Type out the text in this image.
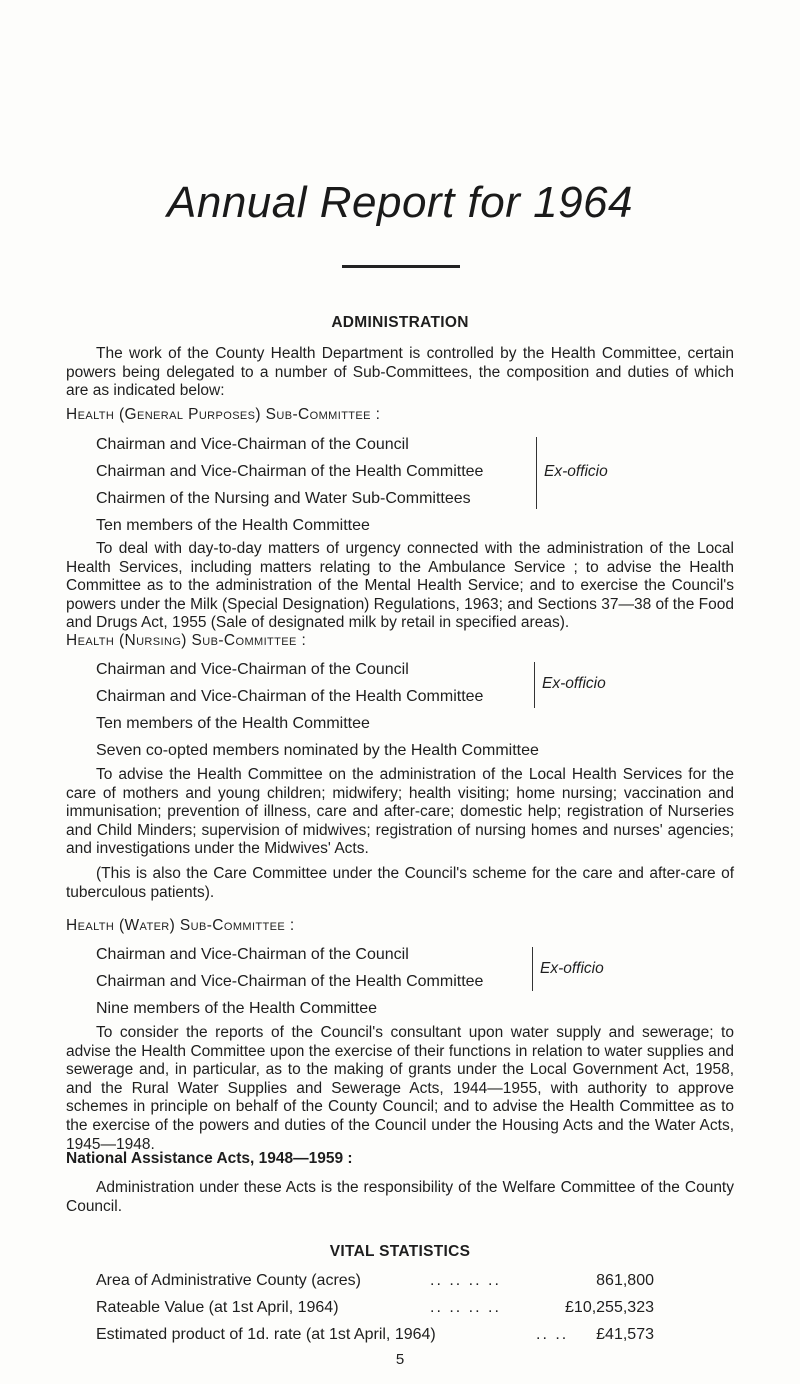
Annual Report for 1964
ADMINISTRATION
The work of the County Health Department is controlled by the Health Committee, certain powers being delegated to a number of Sub-Committees, the composition and duties of which are as indicated below:
Health (General Purposes) Sub-Committee :
Chairman and Vice-Chairman of the Council
Chairman and Vice-Chairman of the Health Committee
Chairmen of the Nursing and Water Sub-Committees
Ten members of the Health Committee
Ex-officio
To deal with day-to-day matters of urgency connected with the administration of the Local Health Services, including matters relating to the Ambulance Service ; to advise the Health Committee as to the administration of the Mental Health Service; and to exercise the Council's powers under the Milk (Special Designation) Regulations, 1963; and Sections 37—38 of the Food and Drugs Act, 1955 (Sale of designated milk by retail in specified areas).
Health (Nursing) Sub-Committee :
Chairman and Vice-Chairman of the Council
Chairman and Vice-Chairman of the Health Committee
Ten members of the Health Committee
Seven co-opted members nominated by the Health Committee
Ex-officio
To advise the Health Committee on the administration of the Local Health Services for the care of mothers and young children; midwifery; health visiting; home nursing; vaccination and immunisation; prevention of illness, care and after-care; domestic help; registration of Nurseries and Child Minders; supervision of midwives; registration of nursing homes and nurses' agencies; and investigations under the Midwives' Acts.
(This is also the Care Committee under the Council's scheme for the care and after-care of tuberculous patients).
Health (Water) Sub-Committee :
Chairman and Vice-Chairman of the Council
Chairman and Vice-Chairman of the Health Committee
Nine members of the Health Committee
Ex-officio
To consider the reports of the Council's consultant upon water supply and sewerage; to advise the Health Committee upon the exercise of their functions in relation to water supplies and sewerage and, in particular, as to the making of grants under the Local Government Act, 1958, and the Rural Water Supplies and Sewerage Acts, 1944—1955, with authority to approve schemes in principle on behalf of the County Council; and to advise the Health Committee as to the exercise of the powers and duties of the Council under the Housing Acts and the Water Acts, 1945—1948.
National Assistance Acts, 1948—1959 :
Administration under these Acts is the responsibility of the Welfare Committee of the County Council.
VITAL STATISTICS
Area of Administrative County (acres)	.. .. .. ..	861,800
Rateable Value (at 1st April, 1964)	.. .. .. ..	£10,255,323
Estimated product of 1d. rate (at 1st April, 1964)	.. .. £41,573
5
